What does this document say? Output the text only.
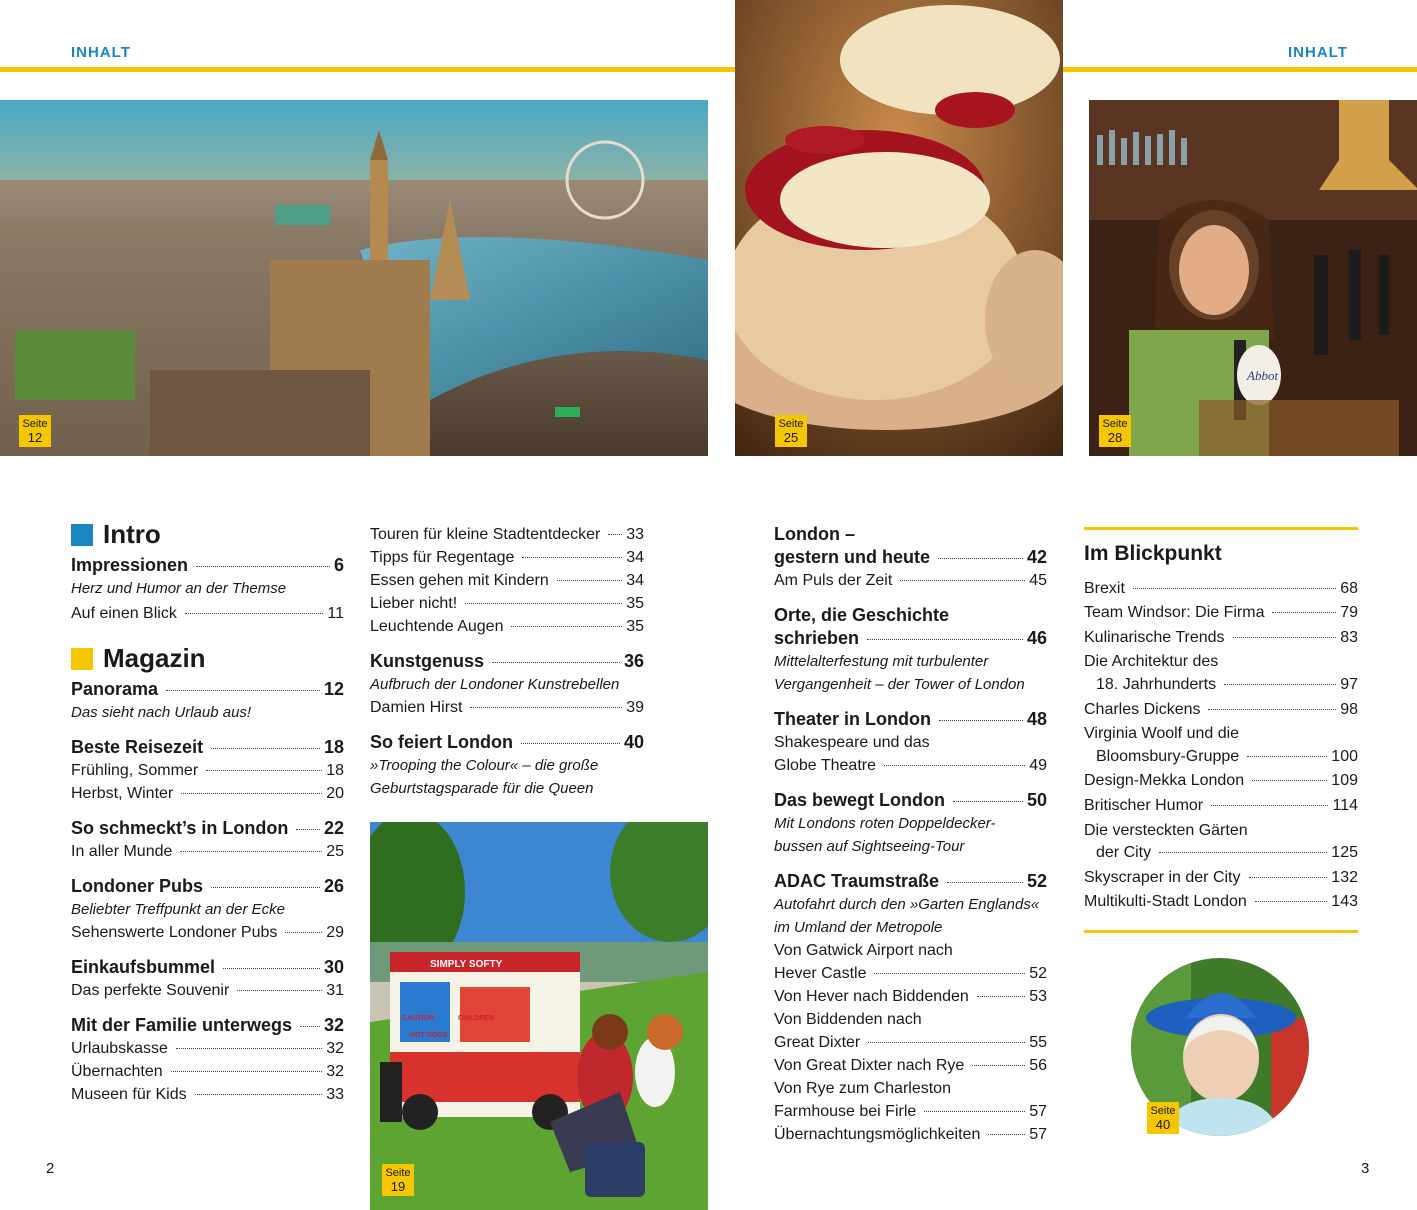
INHALT	INHALT
Seite
12
Seite
25
Abbot
Seite
28
Intro
Impressionen	6
Herz und Humor an der Themse
Auf einen Blick	11
Magazin
Panorama	12
Das sieht nach Urlaub aus!
Beste Reisezeit	18
Frühling, Sommer	18
Herbst, Winter	20
So schmeckt’s in London 22
In aller Munde	25
Londoner Pubs	26
Beliebter Treffpunkt an der Ecke
Sehenswerte Londoner Pubs	29
Einkaufsbummel	30
Das perfekte Souvenir	31
Mit der Familie unterwegs 32
Urlaubskasse	32
Übernachten	32
Museen für Kids	33
Touren für kleine Stadtentdecker 33
Tipps für Regentage	34
Essen gehen mit Kindern	34
Lieber nicht!	35
Leuchtende Augen	35
Kunstgenuss	36
Aufbruch der Londoner Kunstrebellen
Damien Hirst	39
So feiert London	40
»Trooping the Colour« – die große
Geburtstagsparade für die Queen
SIMPLY SOFTY
CAUTION	CHILDREN
HOT DOGS
Seite
19
London –
gestern und heute	42
Am Puls der Zeit	45
Orte, die Geschichte
schrieben	46
Mittelalterfestung mit turbulenter
Vergangenheit – der Tower of London
Theater in London	48
Shakespeare und das
Globe Theatre	49
Das bewegt London	50
Mit Londons roten Doppeldecker-
bussen auf Sightseeing-Tour
ADAC Traumstraße	52
Autofahrt durch den »Garten Englands«
im Umland der Metropole
Von Gatwick Airport nach
Hever Castle	52
Von Hever nach Biddenden	53
Von Biddenden nach
Great Dixter	55
Von Great Dixter nach Rye	56
Von Rye zum Charleston
Farmhouse bei Firle	57
Übernachtungsmöglichkeiten	57
Im Blickpunkt
Brexit	68
Team Windsor: Die Firma	79
Kulinarische Trends	83
Die Architektur des
18. Jahrhunderts	97
Charles Dickens	98
Virginia Woolf und die
Bloomsbury-Gruppe	100
Design-Mekka London	109
Britischer Humor	114
Die versteckten Gärten
der City	125
Skyscraper in der City	132
Multikulti-Stadt London	143
Seite
40
2	3
